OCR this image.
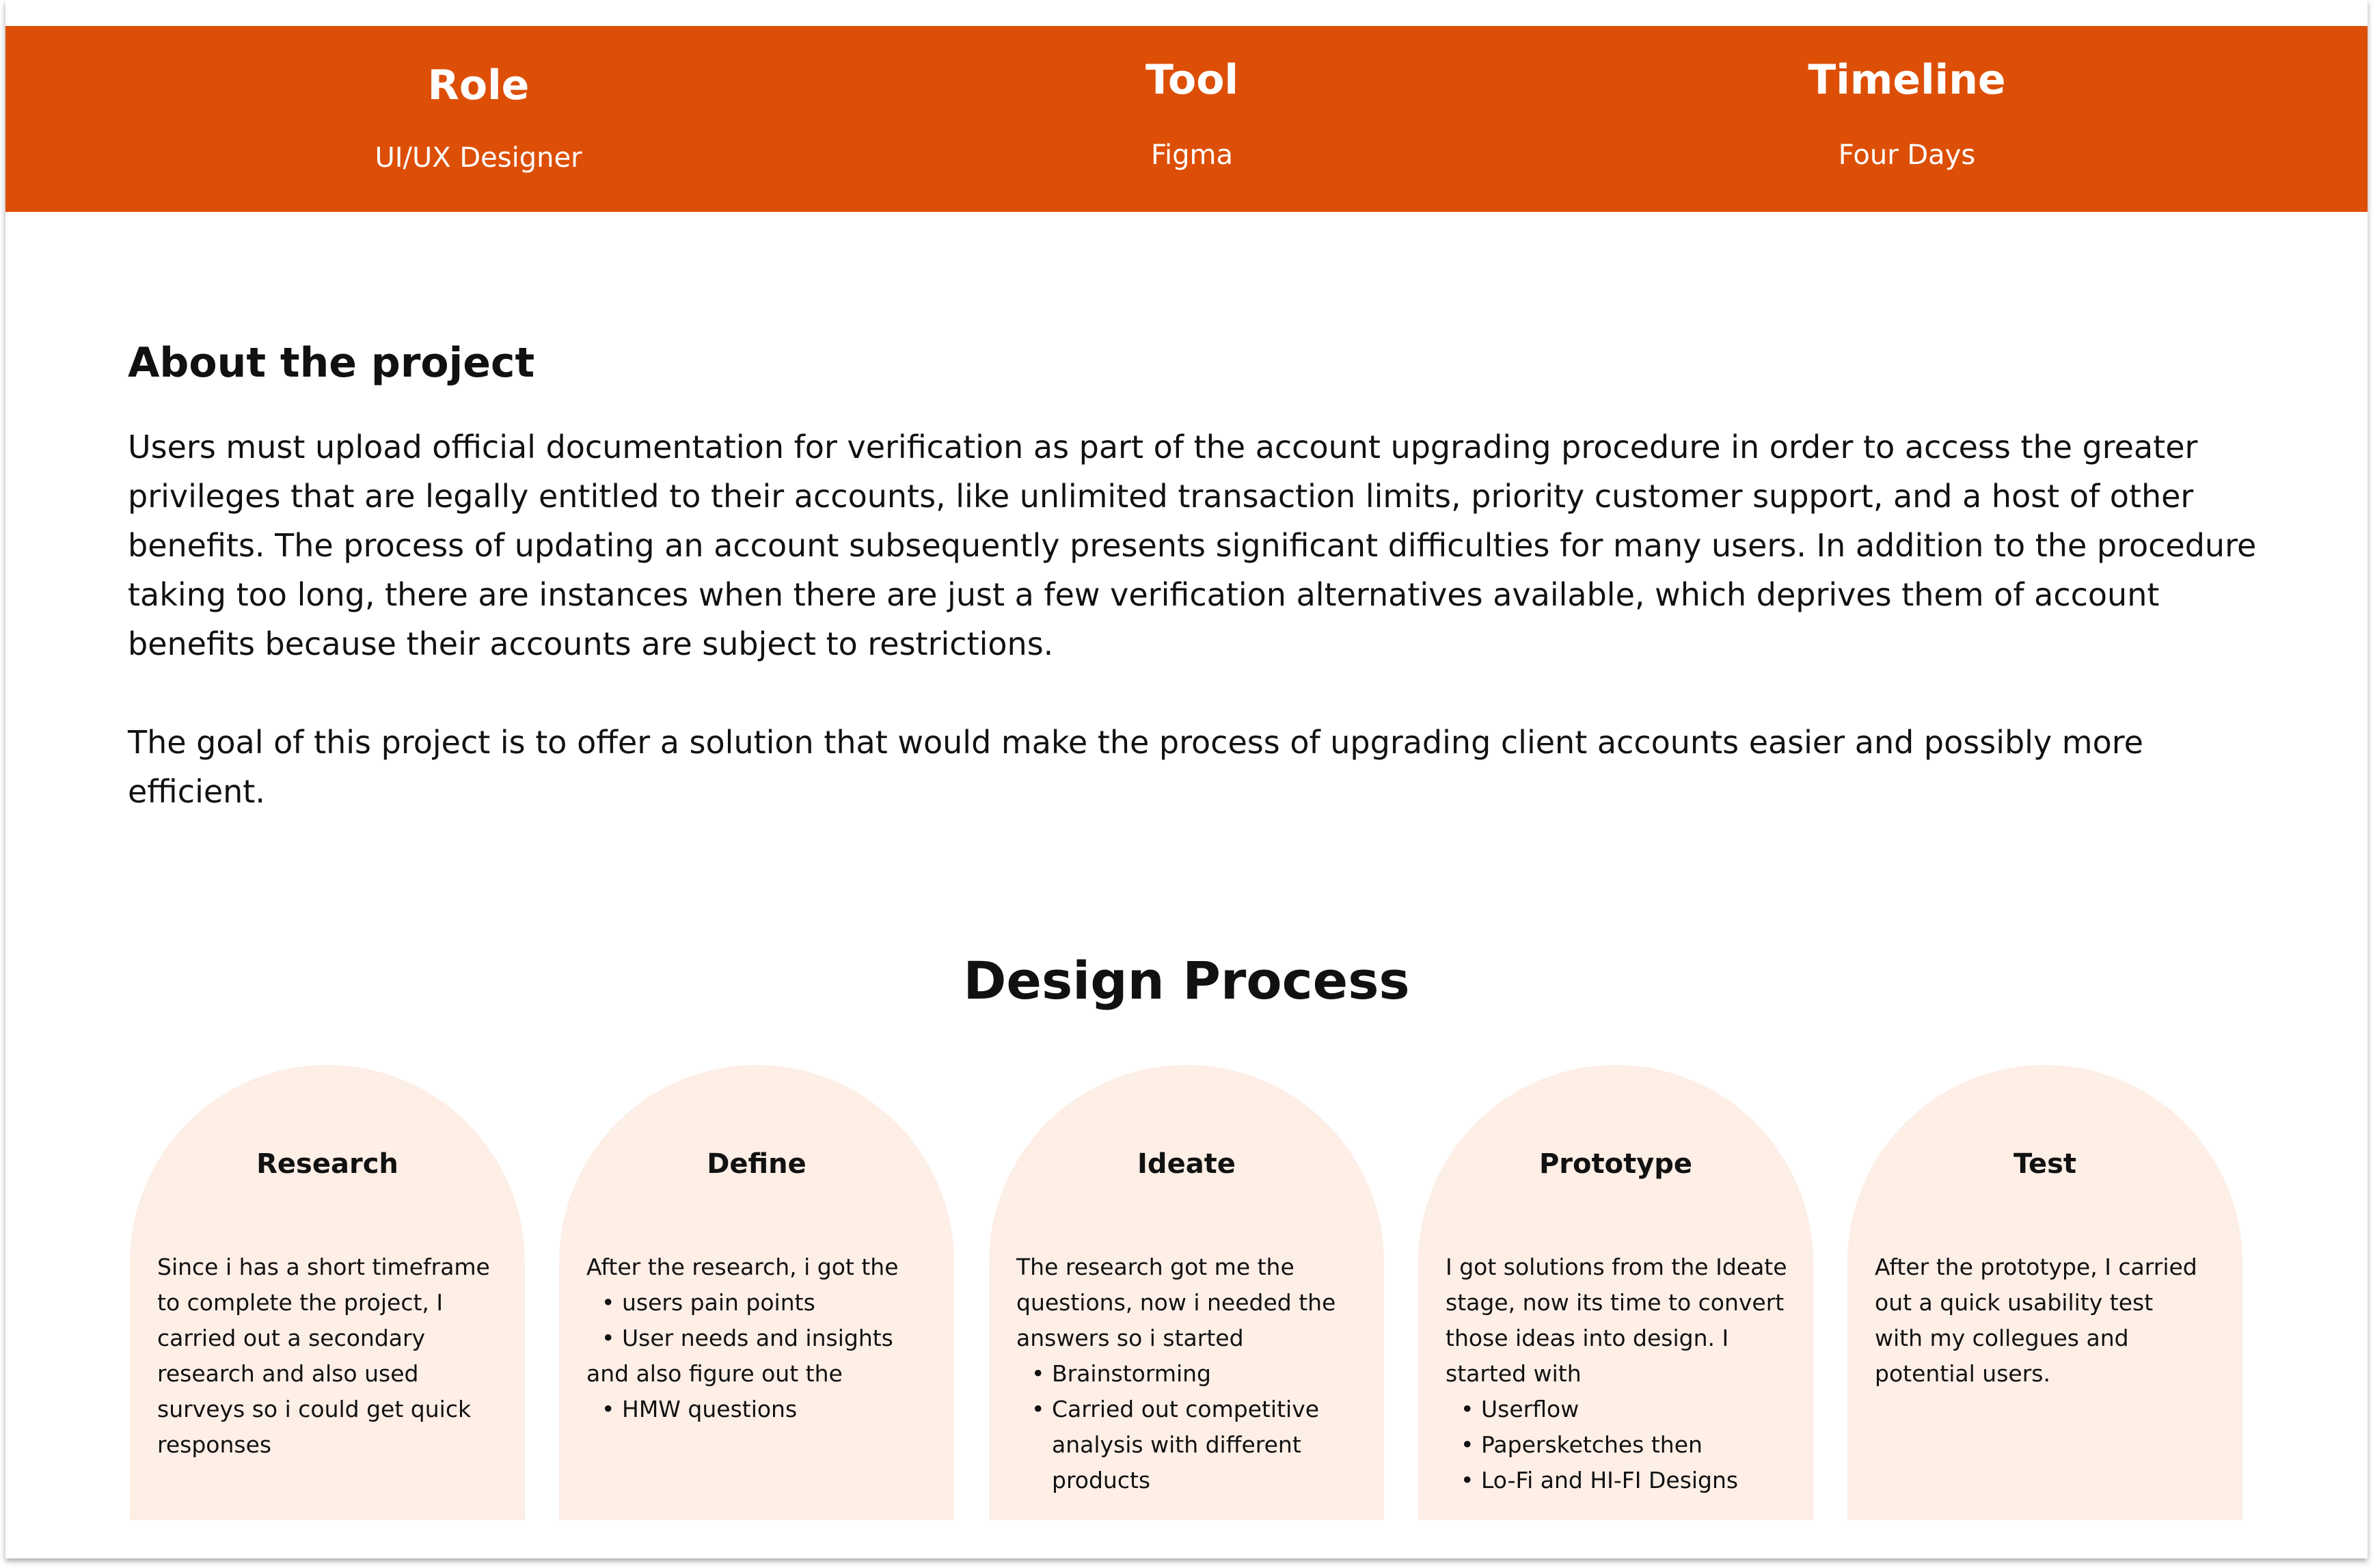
Role
UI/UX Designer
Tool
Figma
Timeline
Four Days
About the project
Users must upload official documentation for verification as part of the account upgrading procedure in order to access the greater
privileges that are legally entitled to their accounts, like unlimited transaction limits, priority customer support, and a host of other
benefits. The process of updating an account subsequently presents significant difficulties for many users. In addition to the procedure
taking too long, there are instances when there are just a few verification alternatives available, which deprives them of account
benefits because their accounts are subject to restrictions.
The goal of this project is to offer a solution that would make the process of upgrading client accounts easier and possibly more
efficient.
Design Process
Research
Since i has a short timeframe
to complete the project, I
carried out a secondary
research and also used
surveys so i could get quick
responses
Define
After the research, i got the
• users pain points
• User needs and insights
and also figure out the
• HMW questions
Ideate
The research got me the
questions, now i needed the
answers so i started
• Brainstorming
• Carried out competitive
analysis with different
products
Prototype
I got solutions from the Ideate
stage, now its time to convert
those ideas into design. I
started with
• Userflow
• Papersketches then
• Lo-Fi and HI-FI Designs
Test
After the prototype, I carried
out a quick usability test
with my collegues and
potential users.
